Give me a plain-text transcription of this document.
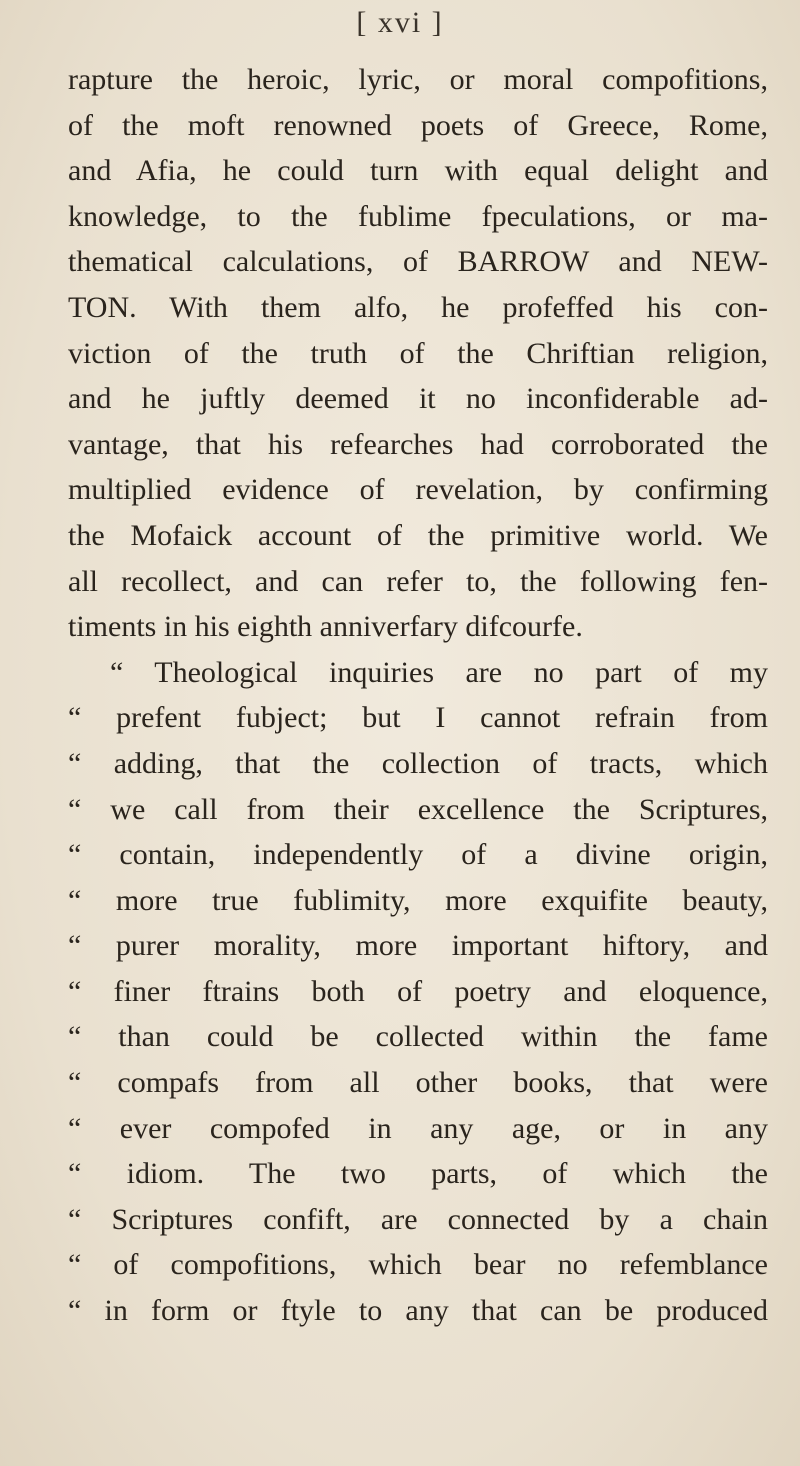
[ xvi ]
rapture the heroic, lyric, or moral compofitions,
of the moft renowned poets of Greece, Rome,
and Afia, he could turn with equal delight and
knowledge, to the fublime fpeculations, or ma-
thematical calculations, of BARROW and NEW-
TON. With them alfo, he profeffed his con-
viction of the truth of the Chriftian religion,
and he juftly deemed it no inconfiderable ad-
vantage, that his refearches had corroborated the
multiplied evidence of revelation, by confirming
the Mofaick account of the primitive world. We
all recollect, and can refer to, the following fen-
timents in his eighth anniverfary difcourfe.
“ Theological inquiries are no part of my
“ prefent fubject; but I cannot refrain from
“ adding, that the collection of tracts, which
“ we call from their excellence the Scriptures,
“ contain, independently of a divine origin,
“ more true fublimity, more exquifite beauty,
“ purer morality, more important hiftory, and
“ finer ftrains both of poetry and eloquence,
“ than could be collected within the fame
“ compafs from all other books, that were
“ ever compofed in any age, or in any
“ idiom. The two parts, of which the
“ Scriptures confift, are connected by a chain
“ of compofitions, which bear no refemblance
“ in form or ftyle to any that can be produced
